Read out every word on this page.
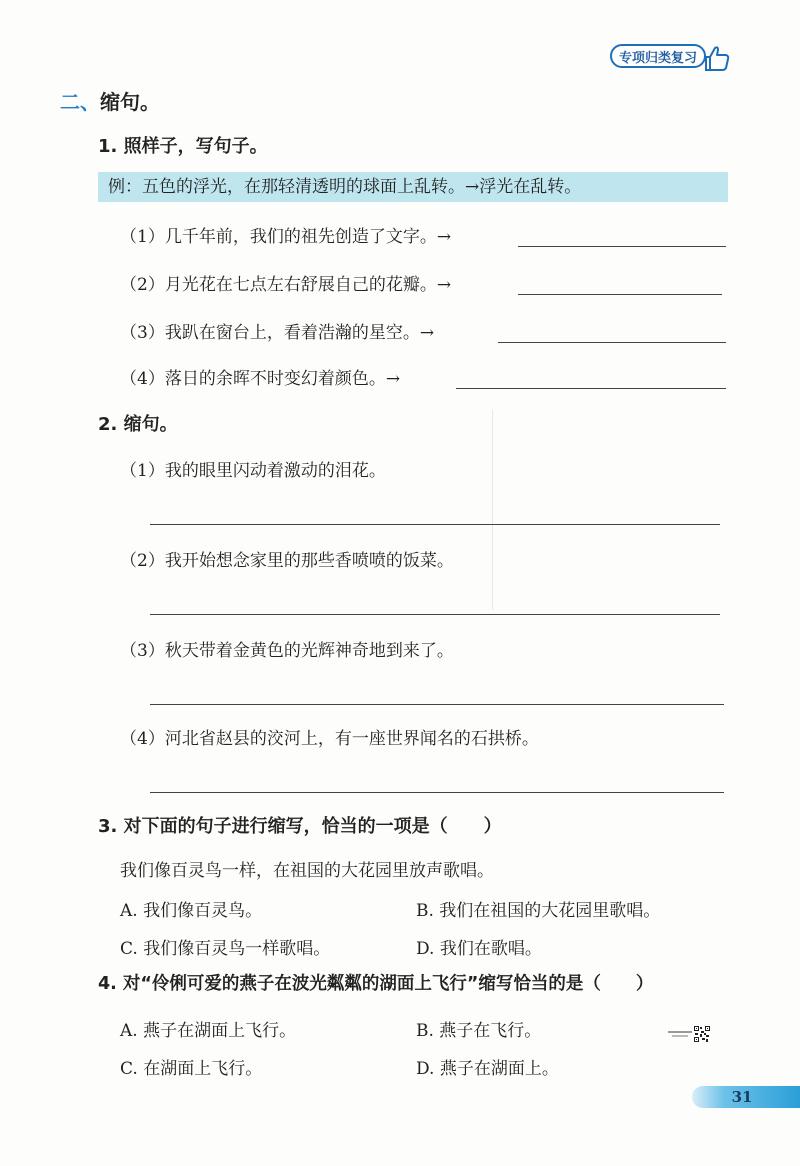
专项归类复习
二、缩句。
1. 照样子，写句子。
例：五色的浮光，在那轻清透明的球面上乱转。→浮光在乱转。
（1）几千年前，我们的祖先创造了文字。→
（2）月光花在七点左右舒展自己的花瓣。→
（3）我趴在窗台上，看着浩瀚的星空。→
（4）落日的余晖不时变幻着颜色。→
2. 缩句。
（1）我的眼里闪动着激动的泪花。
（2）我开始想念家里的那些香喷喷的饭菜。
（3）秋天带着金黄色的光辉神奇地到来了。
（4）河北省赵县的洨河上，有一座世界闻名的石拱桥。
3. 对下面的句子进行缩写，恰当的一项是（　　）
我们像百灵鸟一样，在祖国的大花园里放声歌唱。
A. 我们像百灵鸟。	B. 我们在祖国的大花园里歌唱。
C. 我们像百灵鸟一样歌唱。	D. 我们在歌唱。
4. 对“伶俐可爱的燕子在波光粼粼的湖面上飞行”缩写恰当的是（　　）
A. 燕子在湖面上飞行。	B. 燕子在飞行。
C. 在湖面上飞行。	D. 燕子在湖面上。
31
